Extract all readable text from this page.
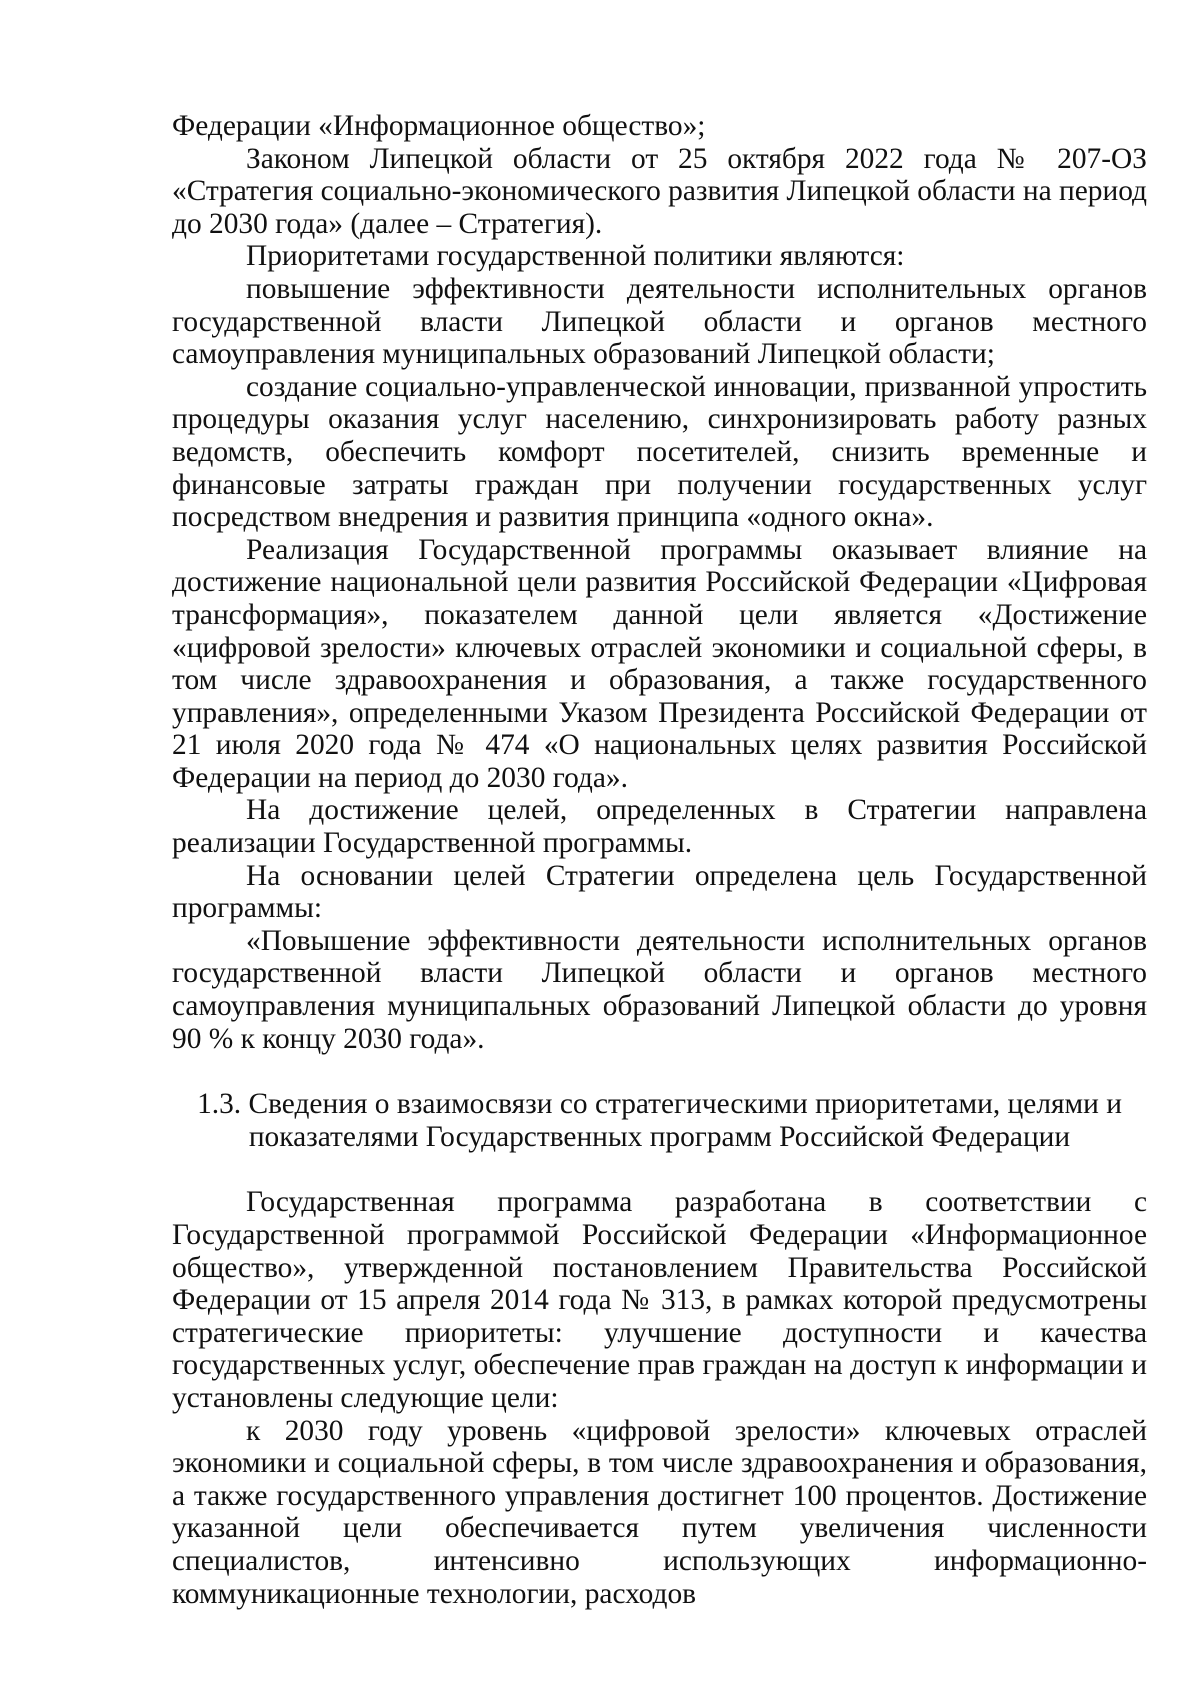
Федерации «Информационное общество»;

Законом Липецкой области от 25 октября 2022 года № 207-ОЗ «Стратегия социально-экономического развития Липецкой области на период до 2030 года» (далее – Стратегия).

Приоритетами государственной политики являются:

повышение эффективности деятельности исполнительных органов государственной власти Липецкой области и органов местного самоуправления муниципальных образований Липецкой области;

создание социально-управленческой инновации, призванной упростить процедуры оказания услуг населению, синхронизировать работу разных ведомств, обеспечить комфорт посетителей, снизить временные и финансовые затраты граждан при получении государственных услуг посредством внедрения и развития принципа «одного окна».

Реализация Государственной программы оказывает влияние на достижение национальной цели развития Российской Федерации «Цифровая трансформация», показателем данной цели является «Достижение «цифровой зрелости» ключевых отраслей экономики и социальной сферы, в том числе здравоохранения и образования, а также государственного управления», определенными Указом Президента Российской Федерации от 21 июля 2020 года № 474 «О национальных целях развития Российской Федерации на период до 2030 года».

На достижение целей, определенных в Стратегии направлена реализации Государственной программы.

На основании целей Стратегии определена цель Государственной программы:

«Повышение эффективности деятельности исполнительных органов государственной власти Липецкой области и органов местного самоуправления муниципальных образований Липецкой области до уровня 90 % к концу 2030 года».

1.3. Сведения о взаимосвязи со стратегическими приоритетами, целями и показателями Государственных программ Российской Федерации

Государственная программа разработана в соответствии с Государственной программой Российской Федерации «Информационное общество», утвержденной постановлением Правительства Российской Федерации от 15 апреля 2014 года № 313, в рамках которой предусмотрены стратегические приоритеты: улучшение доступности и качества государственных услуг, обеспечение прав граждан на доступ к информации и установлены следующие цели:

к 2030 году уровень «цифровой зрелости» ключевых отраслей экономики и социальной сферы, в том числе здравоохранения и образования, а также государственного управления достигнет 100 процентов. Достижение указанной цели обеспечивается путем увеличения численности специалистов, интенсивно использующих информационно-коммуникационные технологии, расходов
